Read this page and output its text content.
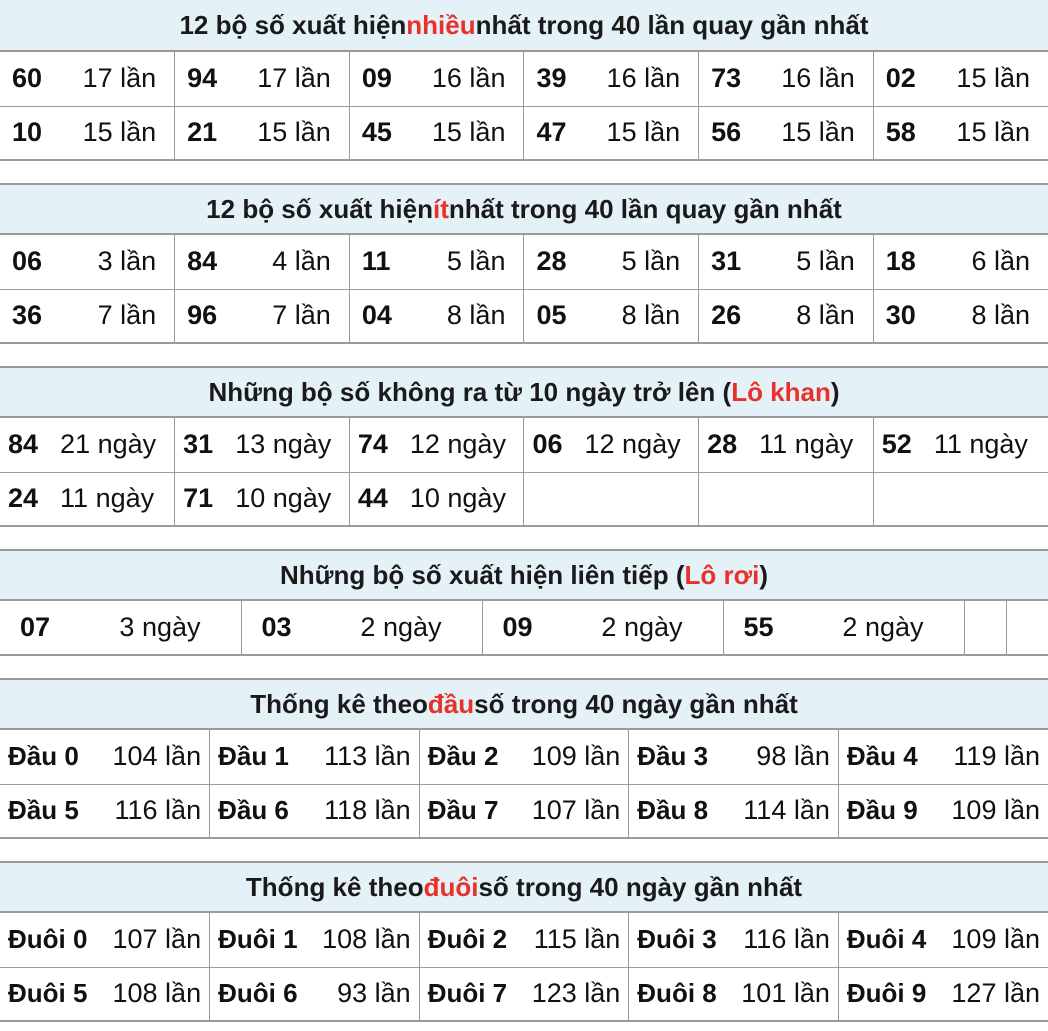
12 bộ số xuất hiện nhiều nhất trong 40 lần quay gần nhất
60 17 lần	94 17 lần	09 16 lần	39 16 lần	73 16 lần	02 15 lần

10 15 lần	21 15 lần	45 15 lần	47 15 lần	56 15 lần	58 15 lần
12 bộ số xuất hiện ít nhất trong 40 lần quay gần nhất
06 3 lần	84 4 lần	11 5 lần	28 5 lần	31 5 lần	18 6 lần

36 7 lần	96 7 lần	04 8 lần	05 8 lần	26 8 lần	30 8 lần
Những bộ số không ra từ 10 ngày trở lên ( Lô khan )
84 21 ngày	31 13 ngày	74 12 ngày	06 12 ngày	28 11 ngày	52 11 ngày

24 11 ngày	71 10 ngày	44 10 ngày			

Những bộ số xuất hiện liên tiếp ( Lô rơi )
07	3 ngày	03	2 ngày	09	2 ngày	55	2 ngày

Thống kê theo đầu số trong 40 ngày gần nhất
Đầu 0 104 lần	Đầu 1 113 lần	Đầu 2 109 lần	Đầu 3 98 lần	Đầu 4 119 lần

Đầu 5 116 lần	Đầu 6 118 lần	Đầu 7 107 lần	Đầu 8 114 lần	Đầu 9 109 lần
Thống kê theo đuôi số trong 40 ngày gần nhất
Đuôi 0 107 lần	Đuôi 1 108 lần	Đuôi 2 115 lần	Đuôi 3 116 lần	Đuôi 4 109 lần

Đuôi 5 108 lần	Đuôi 6 93 lần	Đuôi 7 123 lần	Đuôi 8 101 lần	Đuôi 9 127 lần
